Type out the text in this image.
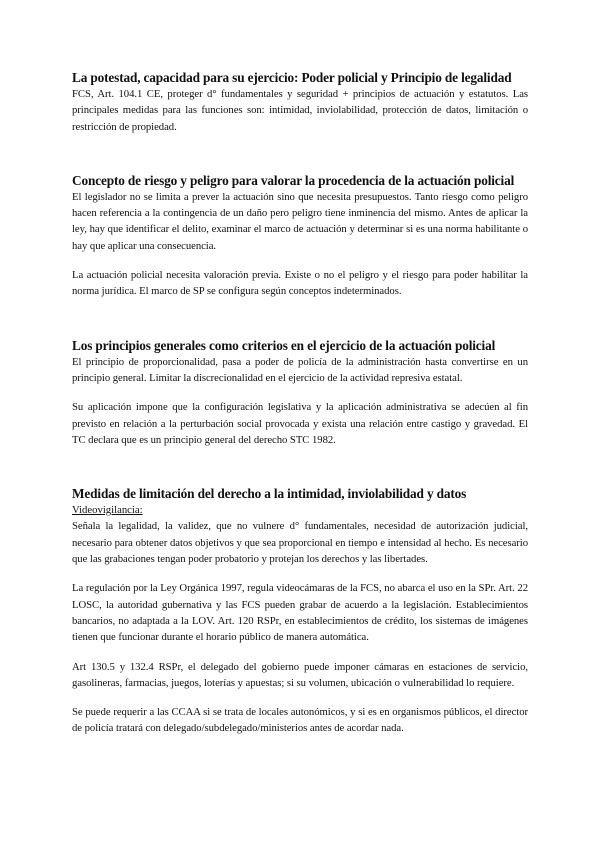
La potestad, capacidad para su ejercicio: Poder policial y Principio de legalidad

FCS, Art. 104.1 CE, proteger d° fundamentales y seguridad + principios de actuación y estatutos. Las principales medidas para las funciones son: intimidad, inviolabilidad, protección de datos, limitación o restricción de propiedad.

Concepto de riesgo y peligro para valorar la procedencia de la actuación policial

El legislador no se limita a prever la actuación sino que necesita presupuestos. Tanto riesgo como peligro hacen referencia a la contingencia de un daño pero peligro tiene inminencia del mismo. Antes de aplicar la ley, hay que identificar el delito, examinar el marco de actuación y determinar si es una norma habilitante o hay que aplicar una consecuencia.

La actuación policial necesita valoración previa. Existe o no el peligro y el riesgo para poder habilitar la norma jurídica. El marco de SP se configura según conceptos indeterminados.

Los principios generales como criterios en el ejercicio de la actuación policial

El principio de proporcionalidad, pasa a poder de policía de la administración hasta convertirse en un principio general. Limitar la discrecionalidad en el ejercicio de la actividad represiva estatal.

Su aplicación impone que la configuración legislativa y la aplicación administrativa se adecúen al fin previsto en relación a la perturbación social provocada y exista una relación entre castigo y gravedad. El TC declara que es un principio general del derecho STC 1982.

Medidas de limitación del derecho a la intimidad, inviolabilidad y datos

Videovigilancia:

Señala la legalidad, la validez, que no vulnere d° fundamentales, necesidad de autorización judicial, necesario para obtener datos objetivos y que sea proporcional en tiempo e intensidad al hecho. Es necesario que las grabaciones tengan poder probatorio y protejan los derechos y las libertades.

La regulación por la Ley Orgánica 1997, regula videocámaras de la FCS, no abarca el uso en la SPr. Art. 22 LOSC, la autoridad gubernativa y las FCS pueden grabar de acuerdo a la legislación. Establecimientos bancarios, no adaptada a la LOV. Art. 120 RSPr, en establecimientos de crédito, los sistemas de imágenes tienen que funcionar durante el horario público de manera automática.

Art 130.5 y 132.4 RSPr, el delegado del gobierno puede imponer cámaras en estaciones de servicio, gasolineras, farmacias, juegos, loterías y apuestas; si su volumen, ubicación o vulnerabilidad lo requiere.

Se puede requerir a las CCAA si se trata de locales autonómicos, y si es en organismos públicos, el director de policía tratará con delegado/subdelegado/ministerios antes de acordar nada.
